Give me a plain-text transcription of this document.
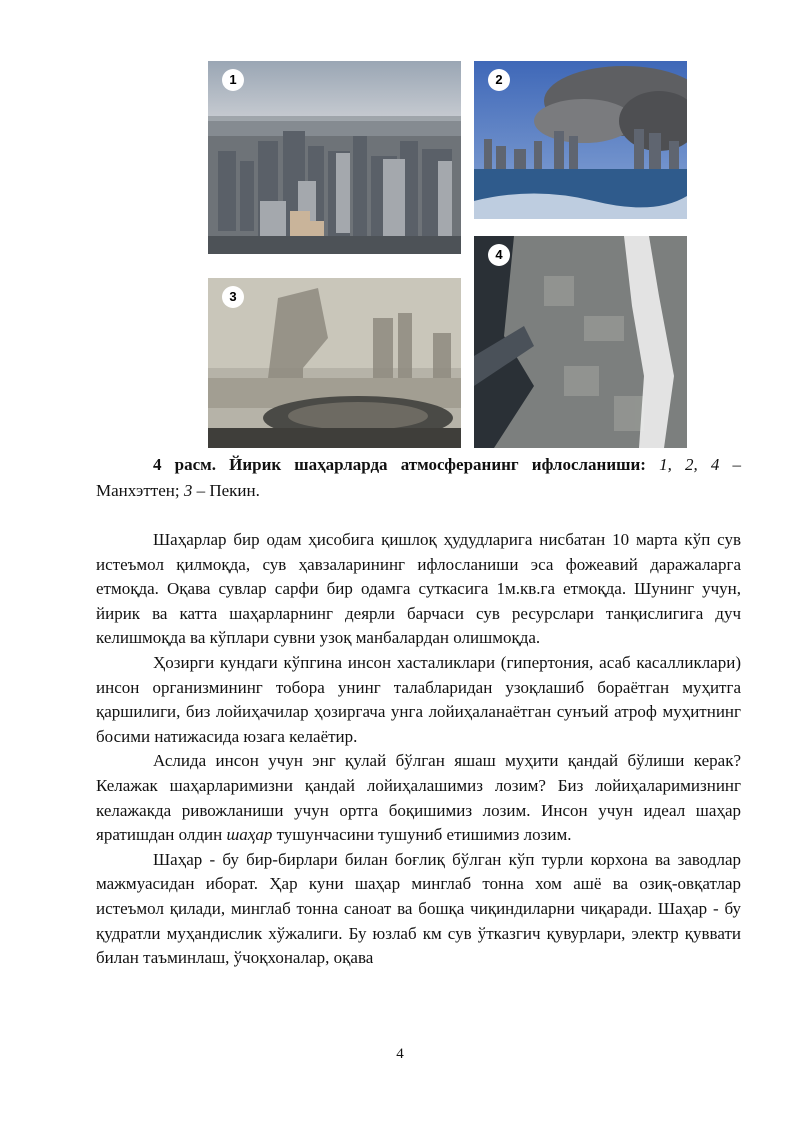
1	2
3
4
4 расм. Йирик шаҳарларда атмосферанинг ифлосланиши: 1, 2, 4 – Манхэттен; 3 – Пекин.

Шаҳарлар бир одам ҳисобига қишлоқ ҳудудларига нисбатан 10 марта кўп сув истеъмол қилмоқда, сув ҳавзаларининг ифлосланиши эса фожеавий даражаларга етмоқда. Оқава сувлар сарфи бир одамга суткасига 1м.кв.га етмоқда. Шунинг учун, йирик ва катта шаҳарларнинг деярли барчаси сув ресурслари танқислигига дуч келишмоқда ва кўплари сувни узоқ манбалардан олишмоқда.

Ҳозирги кундаги кўпгина инсон хасталиклари (гипертония, асаб касалликлари) инсон организмининг тобора унинг талабларидан узоқлашиб бораётган муҳитга қаршилиги, биз лойиҳачилар ҳозиргача унга лойиҳаланаётган сунъий атроф муҳитнинг босими натижасида юзага келаётир.

Аслида инсон учун энг қулай бўлган яшаш муҳити қандай бўлиши керак? Келажак шаҳарларимизни қандай лойиҳалашимиз лозим? Биз лойиҳаларимизнинг келажакда ривожланиши учун ортга боқишимиз лозим. Инсон учун идеал шаҳар яратишдан олдин шаҳар тушунчасини тушуниб етишимиз лозим.

Шаҳар - бу бир-бирлари билан боғлиқ бўлган кўп турли корхона ва заводлар мажмуасидан иборат. Ҳар куни шаҳар минглаб тонна хом ашё ва озиқ-овқатлар истеъмол қилади, минглаб тонна саноат ва бошқа чиқиндиларни чиқаради. Шаҳар - бу қудратли муҳандислик хўжалиги. Бу юзлаб км сув ўтказгич қувурлари, электр қуввати билан таъминлаш, ўчоқхоналар, оқава

4
